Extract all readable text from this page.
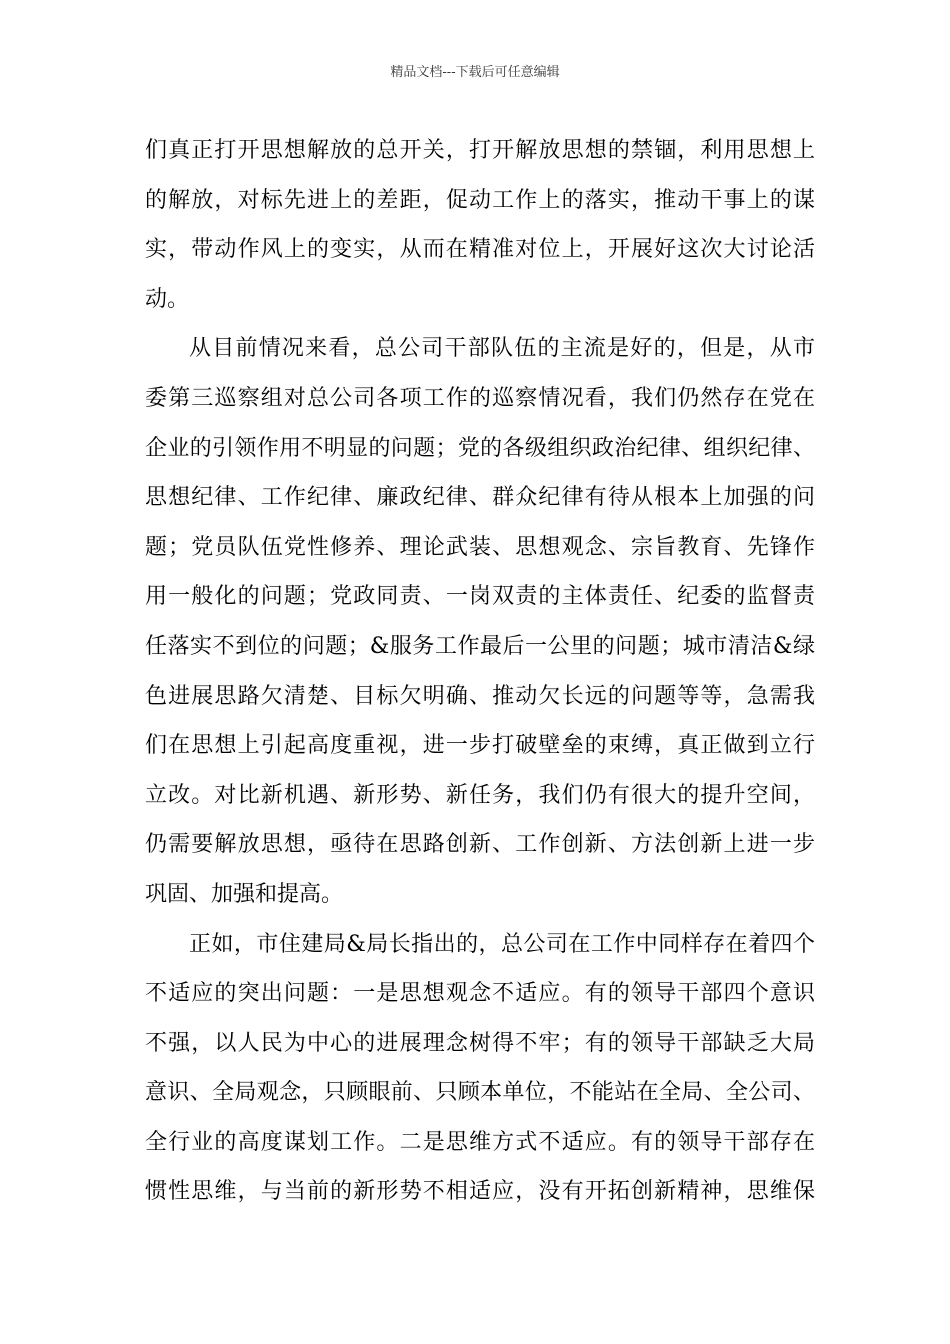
精品文档---下载后可任意编辑
们真正打开思想解放的总开关，打开解放思想的禁锢，利用思想上
的解放，对标先进上的差距，促动工作上的落实，推动干事上的谋
实，带动作风上的变实，从而在精准对位上，开展好这次大讨论活
动。
从目前情况来看，总公司干部队伍的主流是好的，但是，从市
委第三巡察组对总公司各项工作的巡察情况看，我们仍然存在党在
企业的引领作用不明显的问题；党的各级组织政治纪律、组织纪律、
思想纪律、工作纪律、廉政纪律、群众纪律有待从根本上加强的问
题；党员队伍党性修养、理论武装、思想观念、宗旨教育、先锋作
用一般化的问题；党政同责、一岗双责的主体责任、纪委的监督责
任落实不到位的问题；&服务工作最后一公里的问题；城市清洁&绿
色进展思路欠清楚、目标欠明确、推动欠长远的问题等等，急需我
们在思想上引起高度重视，进一步打破壁垒的束缚，真正做到立行
立改。对比新机遇、新形势、新任务，我们仍有很大的提升空间，
仍需要解放思想，亟待在思路创新、工作创新、方法创新上进一步
巩固、加强和提高。
正如，市住建局&局长指出的，总公司在工作中同样存在着四个
不适应的突出问题：一是思想观念不适应。有的领导干部四个意识
不强，以人民为中心的进展理念树得不牢；有的领导干部缺乏大局
意识、全局观念，只顾眼前、只顾本单位，不能站在全局、全公司、
全行业的高度谋划工作。二是思维方式不适应。有的领导干部存在
惯性思维，与当前的新形势不相适应，没有开拓创新精神，思维保
